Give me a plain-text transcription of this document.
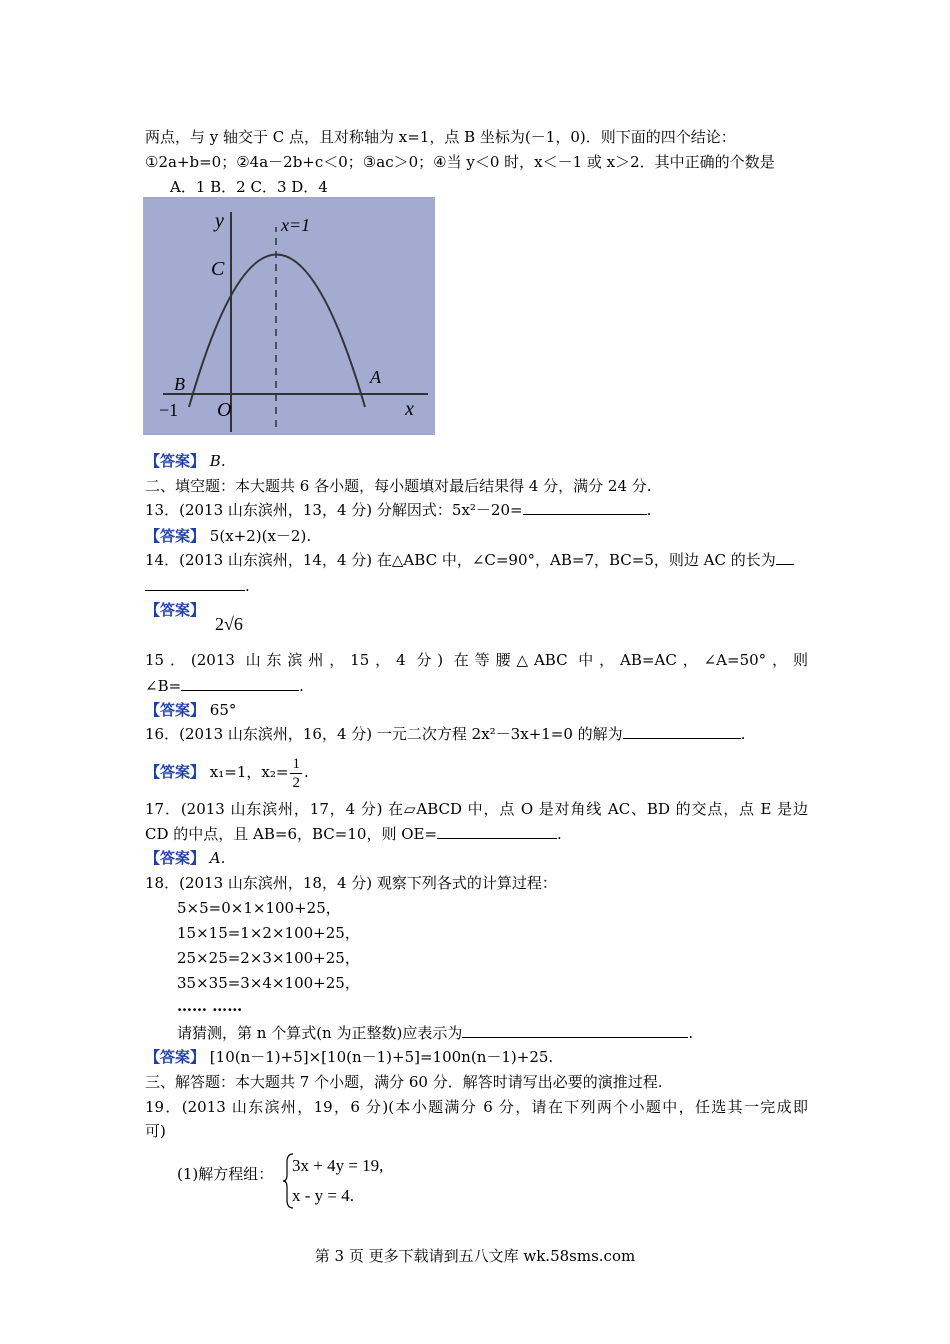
两点，与 y 轴交于 C 点，且对称轴为 x=1，点 B 坐标为(－1，0)．则下面的四个结论：
①2a+b=0；②4a－2b+c＜0；③ac＞0；④当 y＜0 时，x＜－1 或 x＞2．其中正确的个数是
A．1 B．2 C．3 D．4
y
x
x=1
C
B	A
O
−1
【答案】 B.
二、填空题：本大题共 6 各小题，每小题填对最后结果得 4 分，满分 24 分.
13．(2013 山东滨州，13，4 分) 分解因式：5x²－20=	.
【答案】 5(x+2)(x－2).
14．(2013 山东滨州，14，4 分) 在△ABC 中，∠C=90°，AB=7，BC=5，则边 AC 的长为
.
【答案】
2√6
15．(2013 山东滨州，15，4 分) 在等腰△ABC 中，AB=AC，∠A=50°，则
∠B=	.
【答案】 65°
16．(2013 山东滨州，16，4 分) 一元二次方程 2x²－3x+1=0 的解为	.
【答案】 x₁=1，$x_2= \frac{1}{2}$ .
17．(2013 山东滨州，17，4 分) 在▱ABCD 中，点 O 是对角线 AC、BD 的交点，点 E 是边
CD 的中点，且 AB=6，BC=10，则 OE=	.
【答案】 A.
18．(2013 山东滨州，18，4 分) 观察下列各式的计算过程：
5×5=0×1×100+25，
15×15=1×2×100+25，
25×25=2×3×100+25，
35×35=3×4×100+25，
…… ……
请猜测，第 n 个算式(n 为正整数)应表示为	.
【答案】 [10(n－1)+5]×[10(n－1)+5]=100n(n－1)+25.
三、解答题：本大题共 7 个小题，满分 60 分．解答时请写出必要的演推过程.
19．(2013 山东滨州，19，6 分)(本小题满分 6 分，请在下列两个小题中，任选其一完成即
可)
(1)解方程组：	3x + 4y = 19,
x - y = 4.
第 3 页 更多下载请到五八文库 wk.58sms.com
